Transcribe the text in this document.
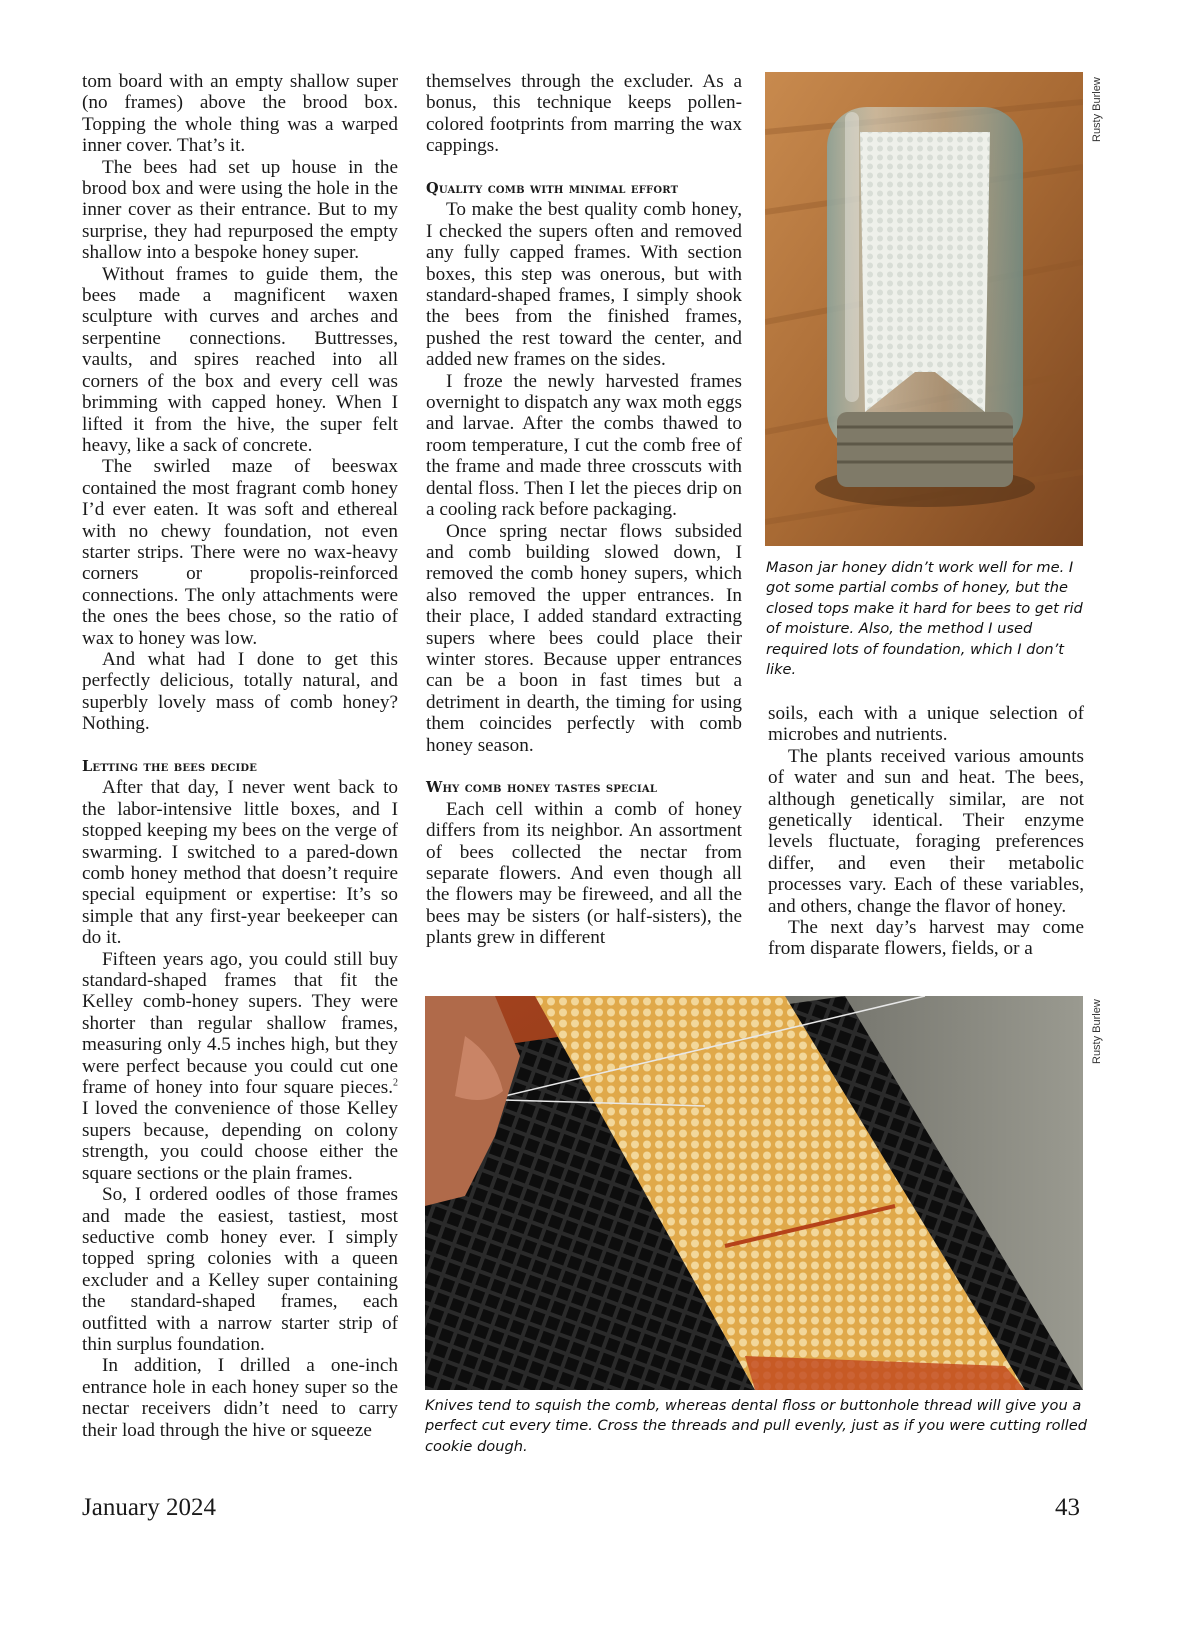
tom board with an empty shallow super (no frames) above the brood box. Topping the whole thing was a warped inner cover. That’s it.

The bees had set up house in the brood box and were using the hole in the inner cover as their entrance. But to my surprise, they had repurposed the empty shallow into a bespoke honey super.

Without frames to guide them, the bees made a magnificent waxen sculpture with curves and arches and serpentine connections. Buttresses, vaults, and spires reached into all corners of the box and every cell was brimming with capped honey. When I lifted it from the hive, the super felt heavy, like a sack of concrete.

The swirled maze of beeswax contained the most fragrant comb honey I’d ever eaten. It was soft and ethereal with no chewy foundation, not even starter strips. There were no wax-heavy corners or propolis-reinforced connections. The only attachments were the ones the bees chose, so the ratio of wax to honey was low.

And what had I done to get this perfectly delicious, totally natural, and superbly lovely mass of comb honey? Nothing.

Letting the bees decide

After that day, I never went back to the labor-intensive little boxes, and I stopped keeping my bees on the verge of swarming. I switched to a pared-down comb honey method that doesn’t require special equipment or expertise: It’s so simple that any first-year beekeeper can do it.

Fifteen years ago, you could still buy standard-shaped frames that fit the Kelley comb-honey supers. They were shorter than regular shallow frames, measuring only 4.5 inches high, but they were perfect because you could cut one frame of honey into four square pieces.$^2$ I loved the convenience of those Kelley supers because, depending on colony strength, you could choose either the square sections or the plain frames.

So, I ordered oodles of those frames and made the easiest, tastiest, most seductive comb honey ever. I simply topped spring colonies with a queen excluder and a Kelley super containing the standard-shaped frames, each outfitted with a narrow starter strip of thin surplus foundation.

In addition, I drilled a one-inch entrance hole in each honey super so the nectar receivers didn’t need to carry their load through the hive or squeeze

themselves through the excluder. As a bonus, this technique keeps pollen-colored footprints from marring the wax cappings.

Quality comb with minimal effort

To make the best quality comb honey, I checked the supers often and removed any fully capped frames. With section boxes, this step was onerous, but with standard-shaped frames, I simply shook the bees from the finished frames, pushed the rest toward the center, and added new frames on the sides.

I froze the newly harvested frames overnight to dispatch any wax moth eggs and larvae. After the combs thawed to room temperature, I cut the comb free of the frame and made three crosscuts with dental floss. Then I let the pieces drip on a cooling rack before packaging.

Once spring nectar flows subsided and comb building slowed down, I removed the comb honey supers, which also removed the upper entrances. In their place, I added standard extracting supers where bees could place their winter stores. Because upper entrances can be a boon in fast times but a detriment in dearth, the timing for using them coincides perfectly with comb honey season.

Why comb honey tastes special

Each cell within a comb of honey differs from its neighbor. An assortment of bees collected the nectar from separate flowers. And even though all the flowers may be fireweed, and all the bees may be sisters (or half-sisters), the plants grew in different

Rusty Burlew
Mason jar honey didn’t work well for me. I got some partial combs of honey, but the closed tops make it hard for bees to get rid of moisture. Also, the method I used required lots of foundation, which I don’t like.

soils, each with a unique selection of microbes and nutrients.

The plants received various amounts of water and sun and heat. The bees, although genetically similar, are not genetically identical. Their enzyme levels fluctuate, foraging preferences differ, and even their metabolic processes vary. Each of these variables, and others, change the flavor of honey.

The next day’s harvest may come from disparate flowers, fields, or a

Rusty Burlew
Knives tend to squish the comb, whereas dental floss or buttonhole thread will give you a perfect cut every time. Cross the threads and pull evenly, just as if you were cutting rolled cookie dough.
January 2024	43
